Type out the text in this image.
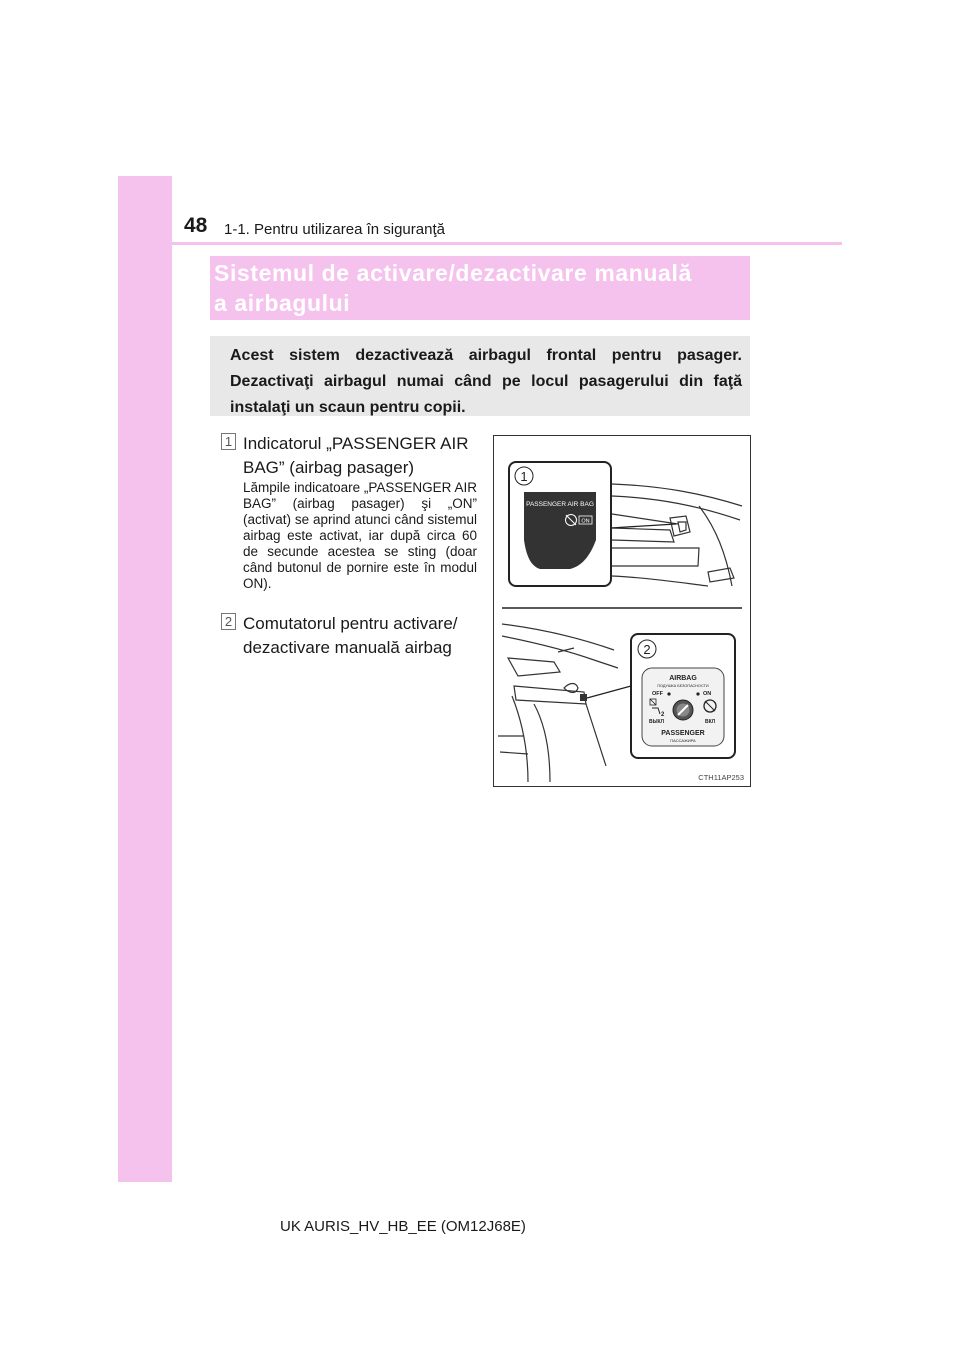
48 1-1. Pentru utilizarea în siguranţă
Sistemul de activare/dezactivare manuală
a airbagului
Acest sistem dezactivează airbagul frontal pentru pasager. Dezactivaţi airbagul numai când pe locul pasagerului din faţă instalaţi un scaun pentru copii.
1 Indicatorul „PASSENGER AIR
BAG” (airbag pasager)
Lămpile indicatoare „PASSENGER AIR BAG” (airbag pasager) şi „ON” (activat) se aprind atunci când sistemul airbag este activat, iar după circa 60 de secunde acestea se sting (doar când butonul de pornire este în modul ON).
2 Comutatorul pentru activare/
dezactivare manuală airbag
1
PASSENGER AIR BAG
ON
2
AIRBAG
ПОДУШКА БЕЗОПАСНОСТИ
OFF	ON
2
ВЫКЛ	ВКЛ
PASSENGER
ПАССАЖИРА
CTH11AP253
UK AURIS_HV_HB_EE (OM12J68E)
